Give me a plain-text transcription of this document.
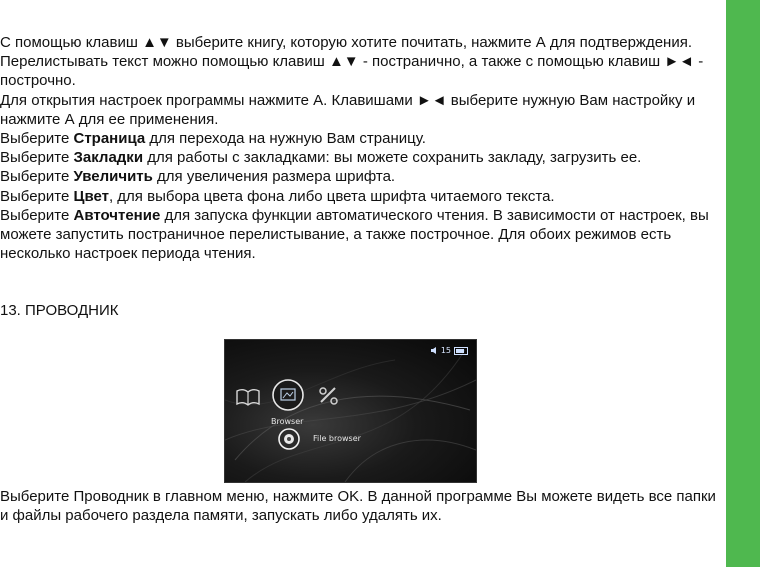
С помощью клавиш ▲▼ выберите книгу, которую хотите почитать, нажмите А для подтверждения.

Перелистывать текст можно помощью клавиш ▲▼ - постранично, а также с помощью клавиш ►◄ - построчно.

Для открытия настроек программы нажмите А. Клавишами ►◄ выберите нужную Вам настройку и нажмите А для ее применения.

Выберите Страница для перехода на нужную Вам страницу.

Выберите Закладки для работы с закладками: вы можете сохранить закладу, загрузить ее.

Выберите Увеличить для увеличения размера шрифта.

Выберите Цвет, для выбора цвета фона либо цвета шрифта читаемого текста.

Выберите Авточтение для запуска функции автоматического чтения. В зависимости от настроек, вы можете запустить постраничное перелистывание, а также построчное. Для обоих режимов есть несколько настроек периода чтения.

13. ПРОВОДНИК
15
Browser
File browser

Выберите Проводник в главном меню, нажмите OK. В данной программе Вы можете видеть все папки и файлы рабочего раздела памяти, запускать либо удалять их.
